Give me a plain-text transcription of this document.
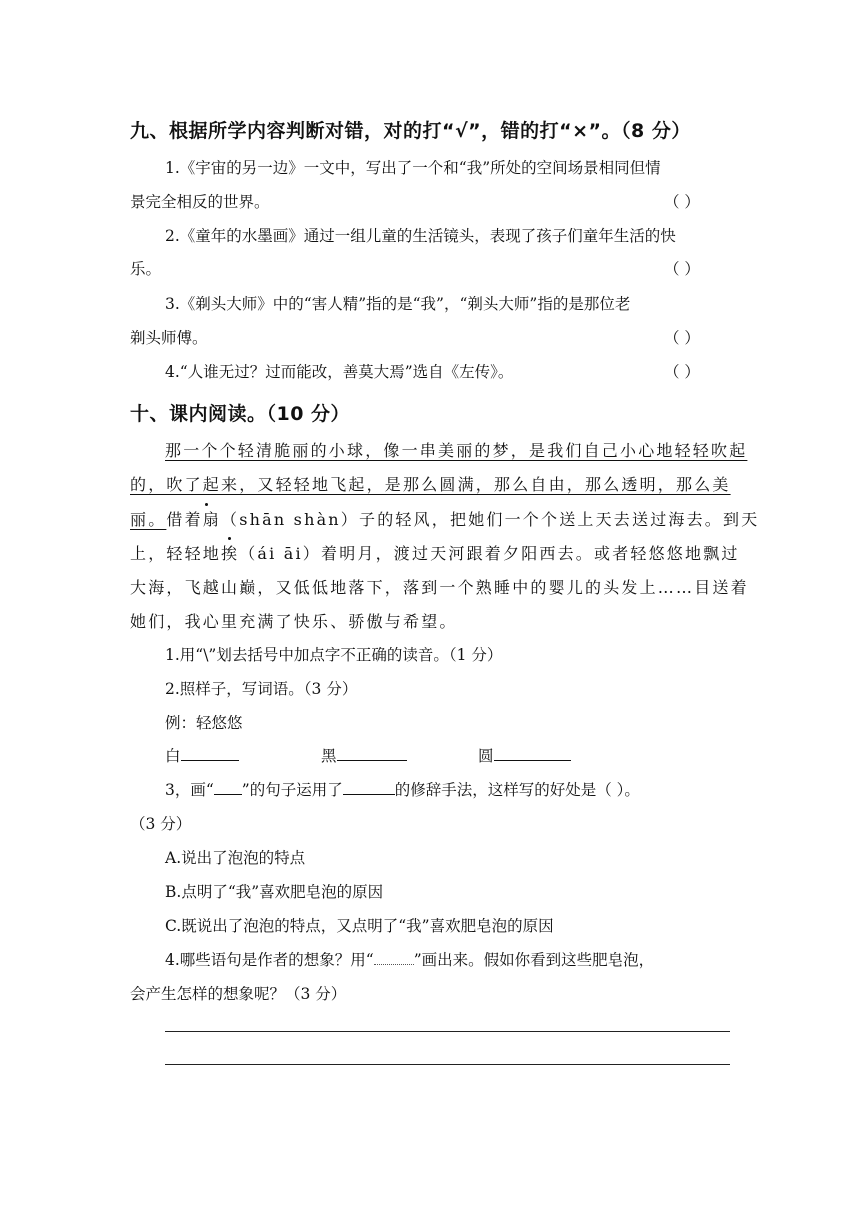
九、根据所学内容判断对错，对的打“√”，错的打“×”。（8 分）
1.《宇宙的另一边》一文中，写出了一个和“我”所处的空间场景相同但情
景完全相反的世界。	（ ）
2.《童年的水墨画》通过一组儿童的生活镜头，表现了孩子们童年生活的快
乐。	（ ）
3.《剃头大师》中的“害人精”指的是“我”，“剃头大师”指的是那位老
剃头师傅。	（ ）
4.“人谁无过？过而能改，善莫大焉”选自《左传》。	（ ）
十、课内阅读。（10 分）
那一个个轻清脆丽的小球，像一串美丽的梦，是我们自己小心地轻轻吹起
的，吹了起来，又轻轻地飞起，是那么圆满，那么自由，那么透明，那么美
丽。借着扇（shān shàn）子的轻风，把她们一个个送上天去送过海去。到天
上，轻轻地挨（ái āi）着明月，渡过天河跟着夕阳西去。或者轻悠悠地飘过
大海，飞越山巅，又低低地落下，落到一个熟睡中的婴儿的头发上……目送着
她们，我心里充满了快乐、骄傲与希望。
1.用“\”划去括号中加点字不正确的读音。（1 分）
2.照样子，写词语。（3 分）
例：轻悠悠
白	黑	圆
3，画“ ”的句子运用了	的修辞手法，这样写的好处是（ ）。
（3 分）
A.说出了泡泡的特点
B.点明了“我”喜欢肥皂泡的原因
C.既说出了泡泡的特点，又点明了“我”喜欢肥皂泡的原因
4.哪些语句是作者的想象？用“	”画出来。假如你看到这些肥皂泡，
会产生怎样的想象呢？（3 分）
